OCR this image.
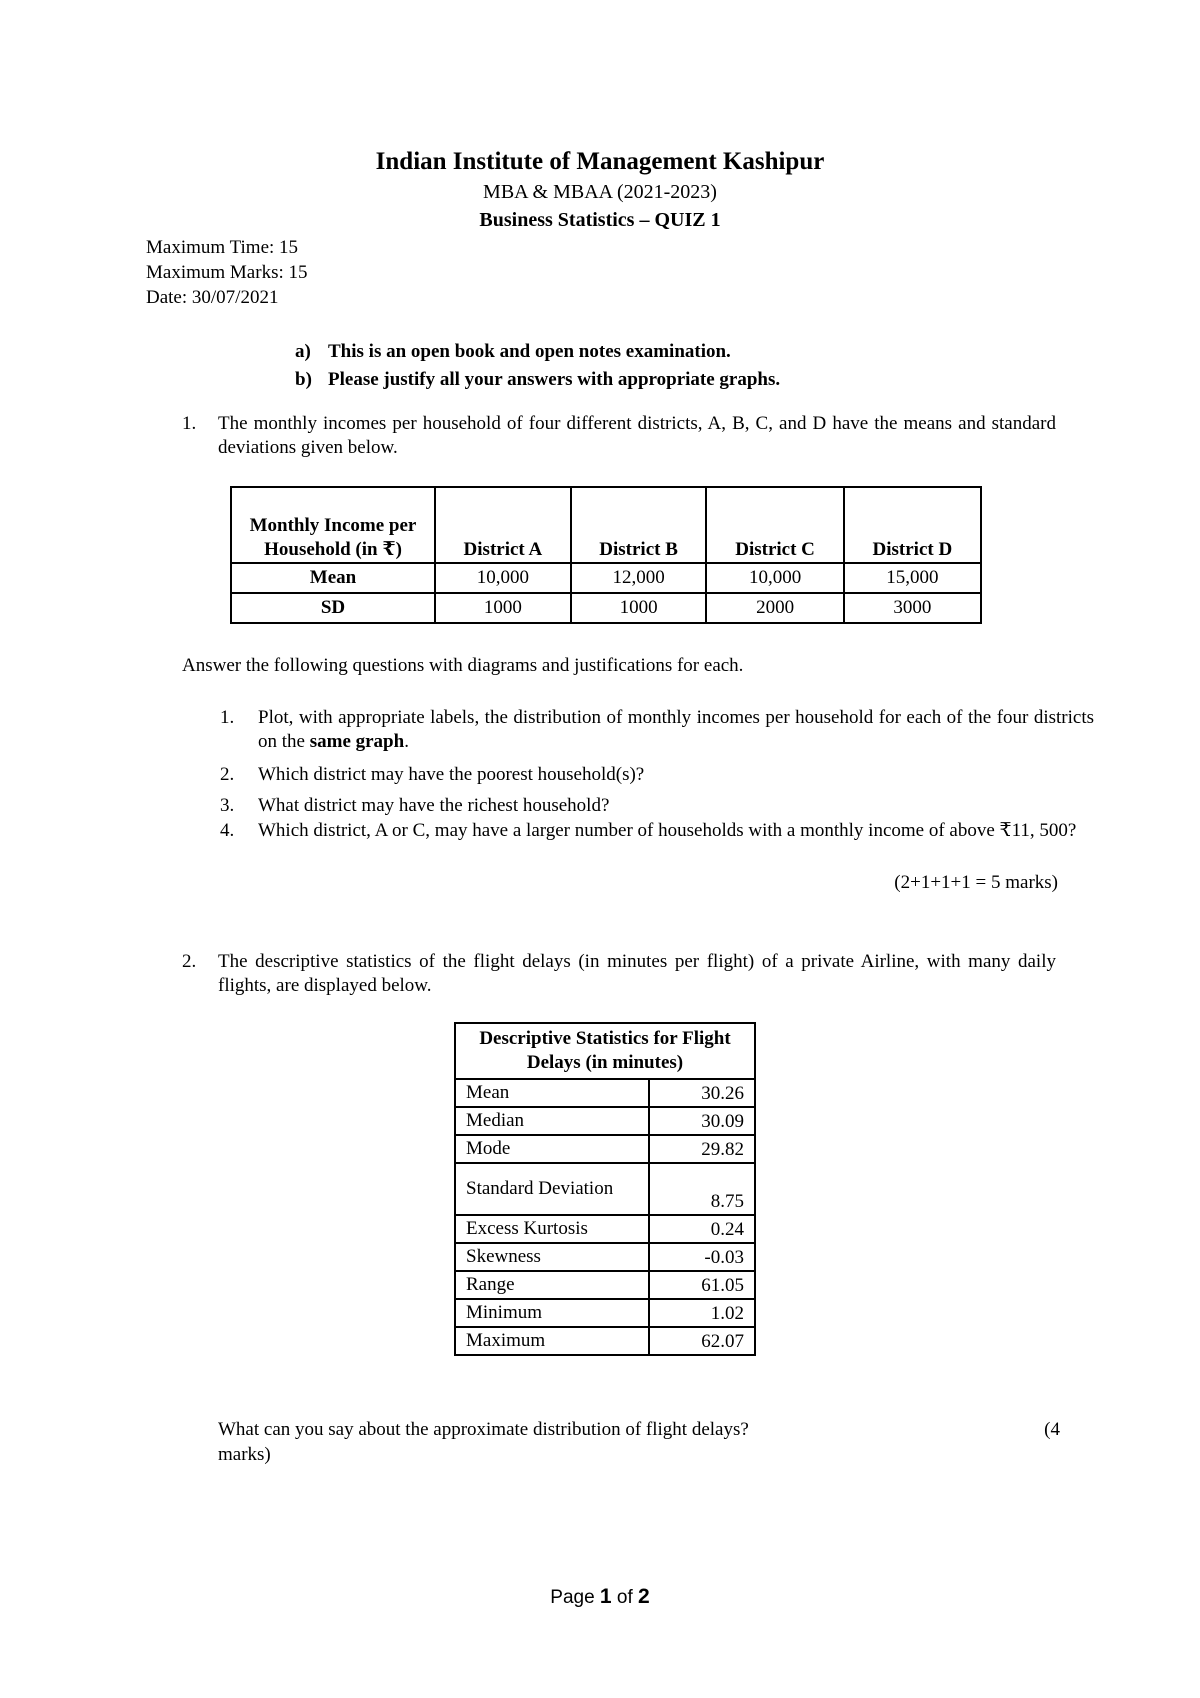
Indian Institute of Management Kashipur
MBA & MBAA (2021-2023)
Business Statistics – QUIZ 1
Maximum Time: 15
Maximum Marks: 15
Date: 30/07/2021
a) This is an open book and open notes examination.
b) Please justify all your answers with appropriate graphs.
1. The monthly incomes per household of four different districts, A, B, C, and D have the means and standard deviations given below.
Monthly Income per Household (in ₹)	District A	District B	District C	District D
Mean	10,000	12,000	10,000	15,000
SD	1000	1000	2000	3000
Answer the following questions with diagrams and justifications for each.
1. Plot, with appropriate labels, the distribution of monthly incomes per household for each of the four districts on the same graph.
2. Which district may have the poorest household(s)?
3. What district may have the richest household?
4. Which district, A or C, may have a larger number of households with a monthly income of above ₹11, 500?
(2+1+1+1 = 5 marks)
2. The descriptive statistics of the flight delays (in minutes per flight) of a private Airline, with many daily flights, are displayed below.
Descriptive Statistics for Flight Delays (in minutes)	
Mean	30.26
Median	30.09
Mode	29.82
Standard Deviation	8.75
Excess Kurtosis	0.24
Skewness	-0.03
Range	61.05
Minimum	1.02
Maximum	62.07
What can you say about the approximate distribution of flight delays?	(4
marks)
Page 1 of 2
